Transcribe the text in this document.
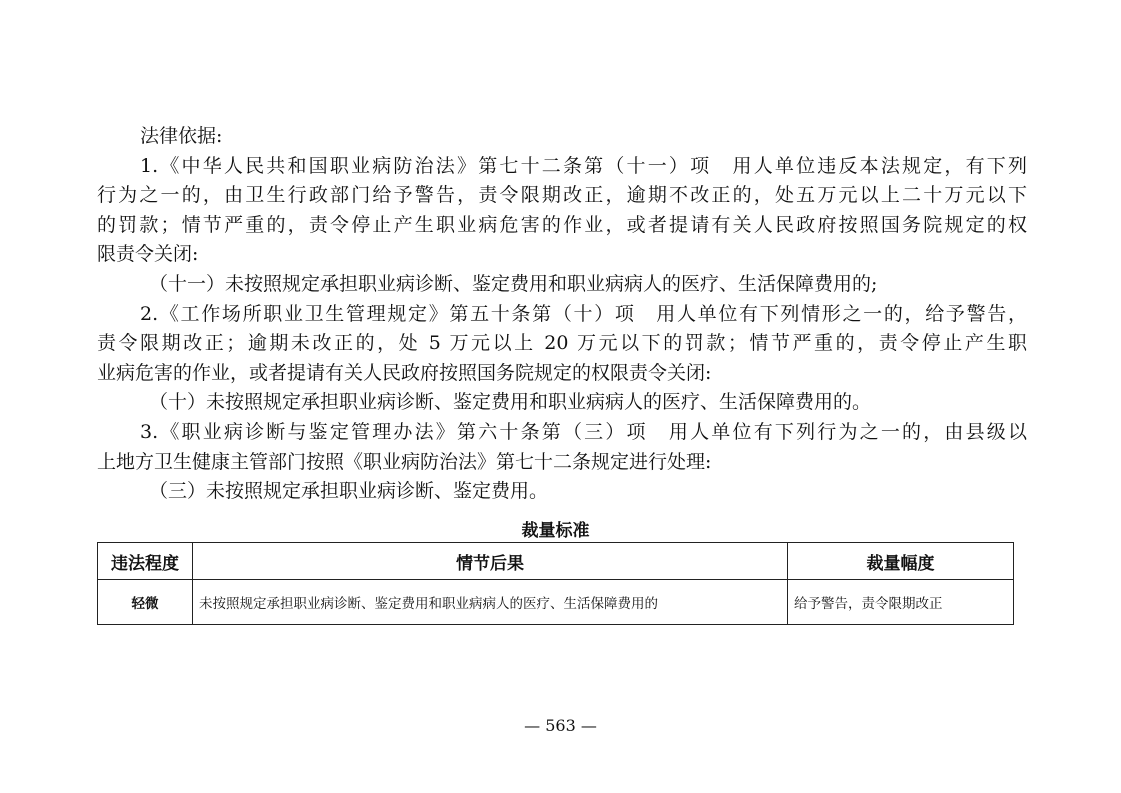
法律依据:
1.《中华人民共和国职业病防治法》第七十二条第（十一）项　用人单位违反本法规定，有下列
行为之一的，由卫生行政部门给予警告，责令限期改正，逾期不改正的，处五万元以上二十万元以下
的罚款；情节严重的，责令停止产生职业病危害的作业，或者提请有关人民政府按照国务院规定的权
限责令关闭:
（十一）未按照规定承担职业病诊断、鉴定费用和职业病病人的医疗、生活保障费用的;
2.《工作场所职业卫生管理规定》第五十条第（十）项　用人单位有下列情形之一的，给予警告，
责令限期改正；逾期未改正的，处 5 万元以上 20 万元以下的罚款；情节严重的，责令停止产生职
业病危害的作业，或者提请有关人民政府按照国务院规定的权限责令关闭:
（十）未按照规定承担职业病诊断、鉴定费用和职业病病人的医疗、生活保障费用的。
3.《职业病诊断与鉴定管理办法》第六十条第（三）项　用人单位有下列行为之一的，由县级以
上地方卫生健康主管部门按照《职业病防治法》第七十二条规定进行处理:
（三）未按照规定承担职业病诊断、鉴定费用。
裁量标准
违法程度	情节后果	裁量幅度
轻微	未按照规定承担职业病诊断、鉴定费用和职业病病人的医疗、生活保障费用的	给予警告，责令限期改正
— 563 —
